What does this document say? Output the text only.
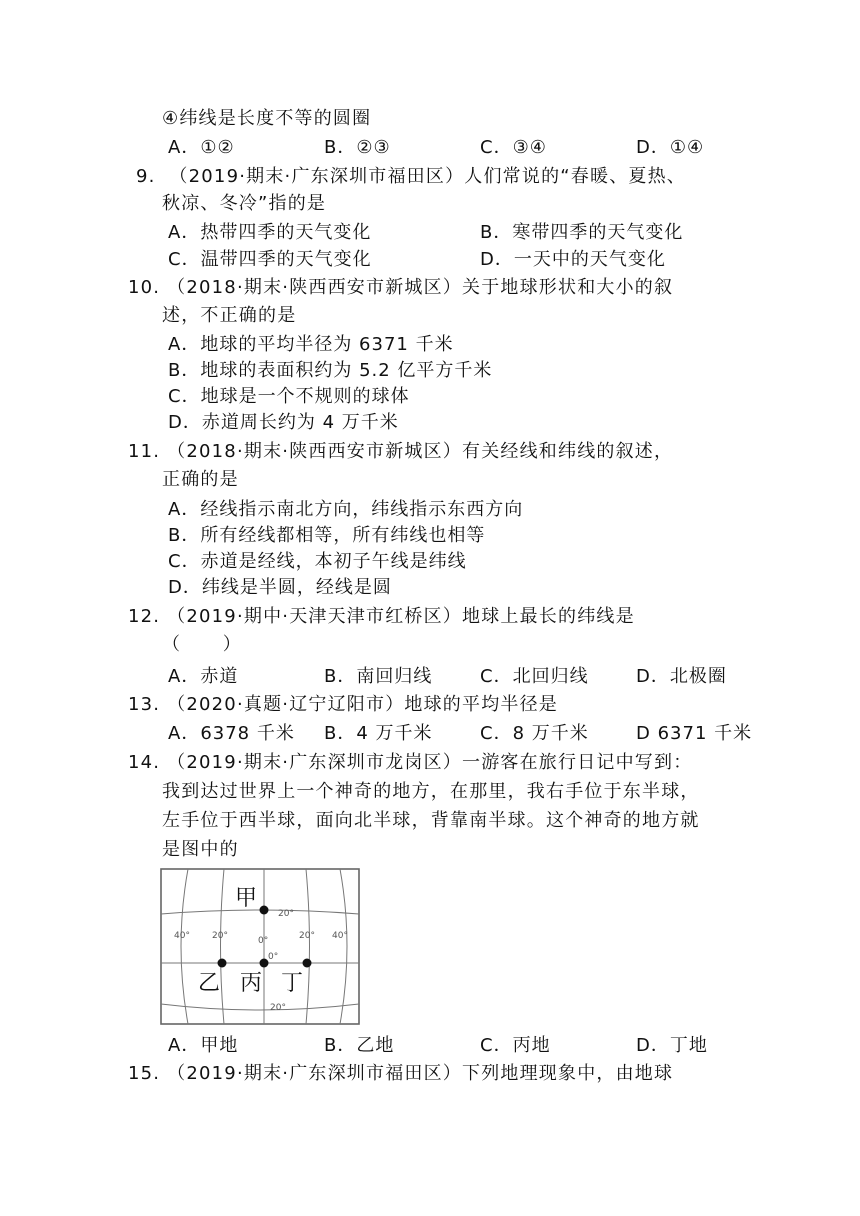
④纬线是长度不等的圆圈
A．①②	B．②③	C．③④	D．①④
9.  （2019·期末·广东深圳市福田区）人们常说的“春暖、夏热、
秋凉、冬冷”指的是
A．热带四季的天气变化	B．寒带四季的天气变化
C．温带四季的天气变化	D．一天中的天气变化
10. （2018·期末·陕西西安市新城区）关于地球形状和大小的叙
述，不正确的是
A．地球的平均半径为 6371 千米
B．地球的表面积约为 5.2 亿平方千米
C．地球是一个不规则的球体
D．赤道周长约为 4 万千米
11. （2018·期末·陕西西安市新城区）有关经线和纬线的叙述，
正确的是
A．经线指示南北方向，纬线指示东西方向
B．所有经线都相等，所有纬线也相等
C．赤道是经线，本初子午线是纬线
D．纬线是半圆，经线是圆
12. （2019·期中·天津天津市红桥区）地球上最长的纬线是
（      ）
A．赤道	B．南回归线	C．北回归线	D．北极圈
13. （2020·真题·辽宁辽阳市）地球的平均半径是
A．6378 千米 B．4 万千米	C．8 万千米	D 6371 千米
14. （2019·期末·广东深圳市龙岗区）一游客在旅行日记中写到：
我到达过世界上一个神奇的地方，在那里，我右手位于东半球，
左手位于西半球，面向北半球，背靠南半球。这个神奇的地方就
是图中的
甲
乙 丙 丁
20°
40° 20°	0°	20° 40°
0°
20°
A．甲地	B．乙地	C．丙地	D．丁地
15. （2019·期末·广东深圳市福田区）下列地理现象中，由地球
